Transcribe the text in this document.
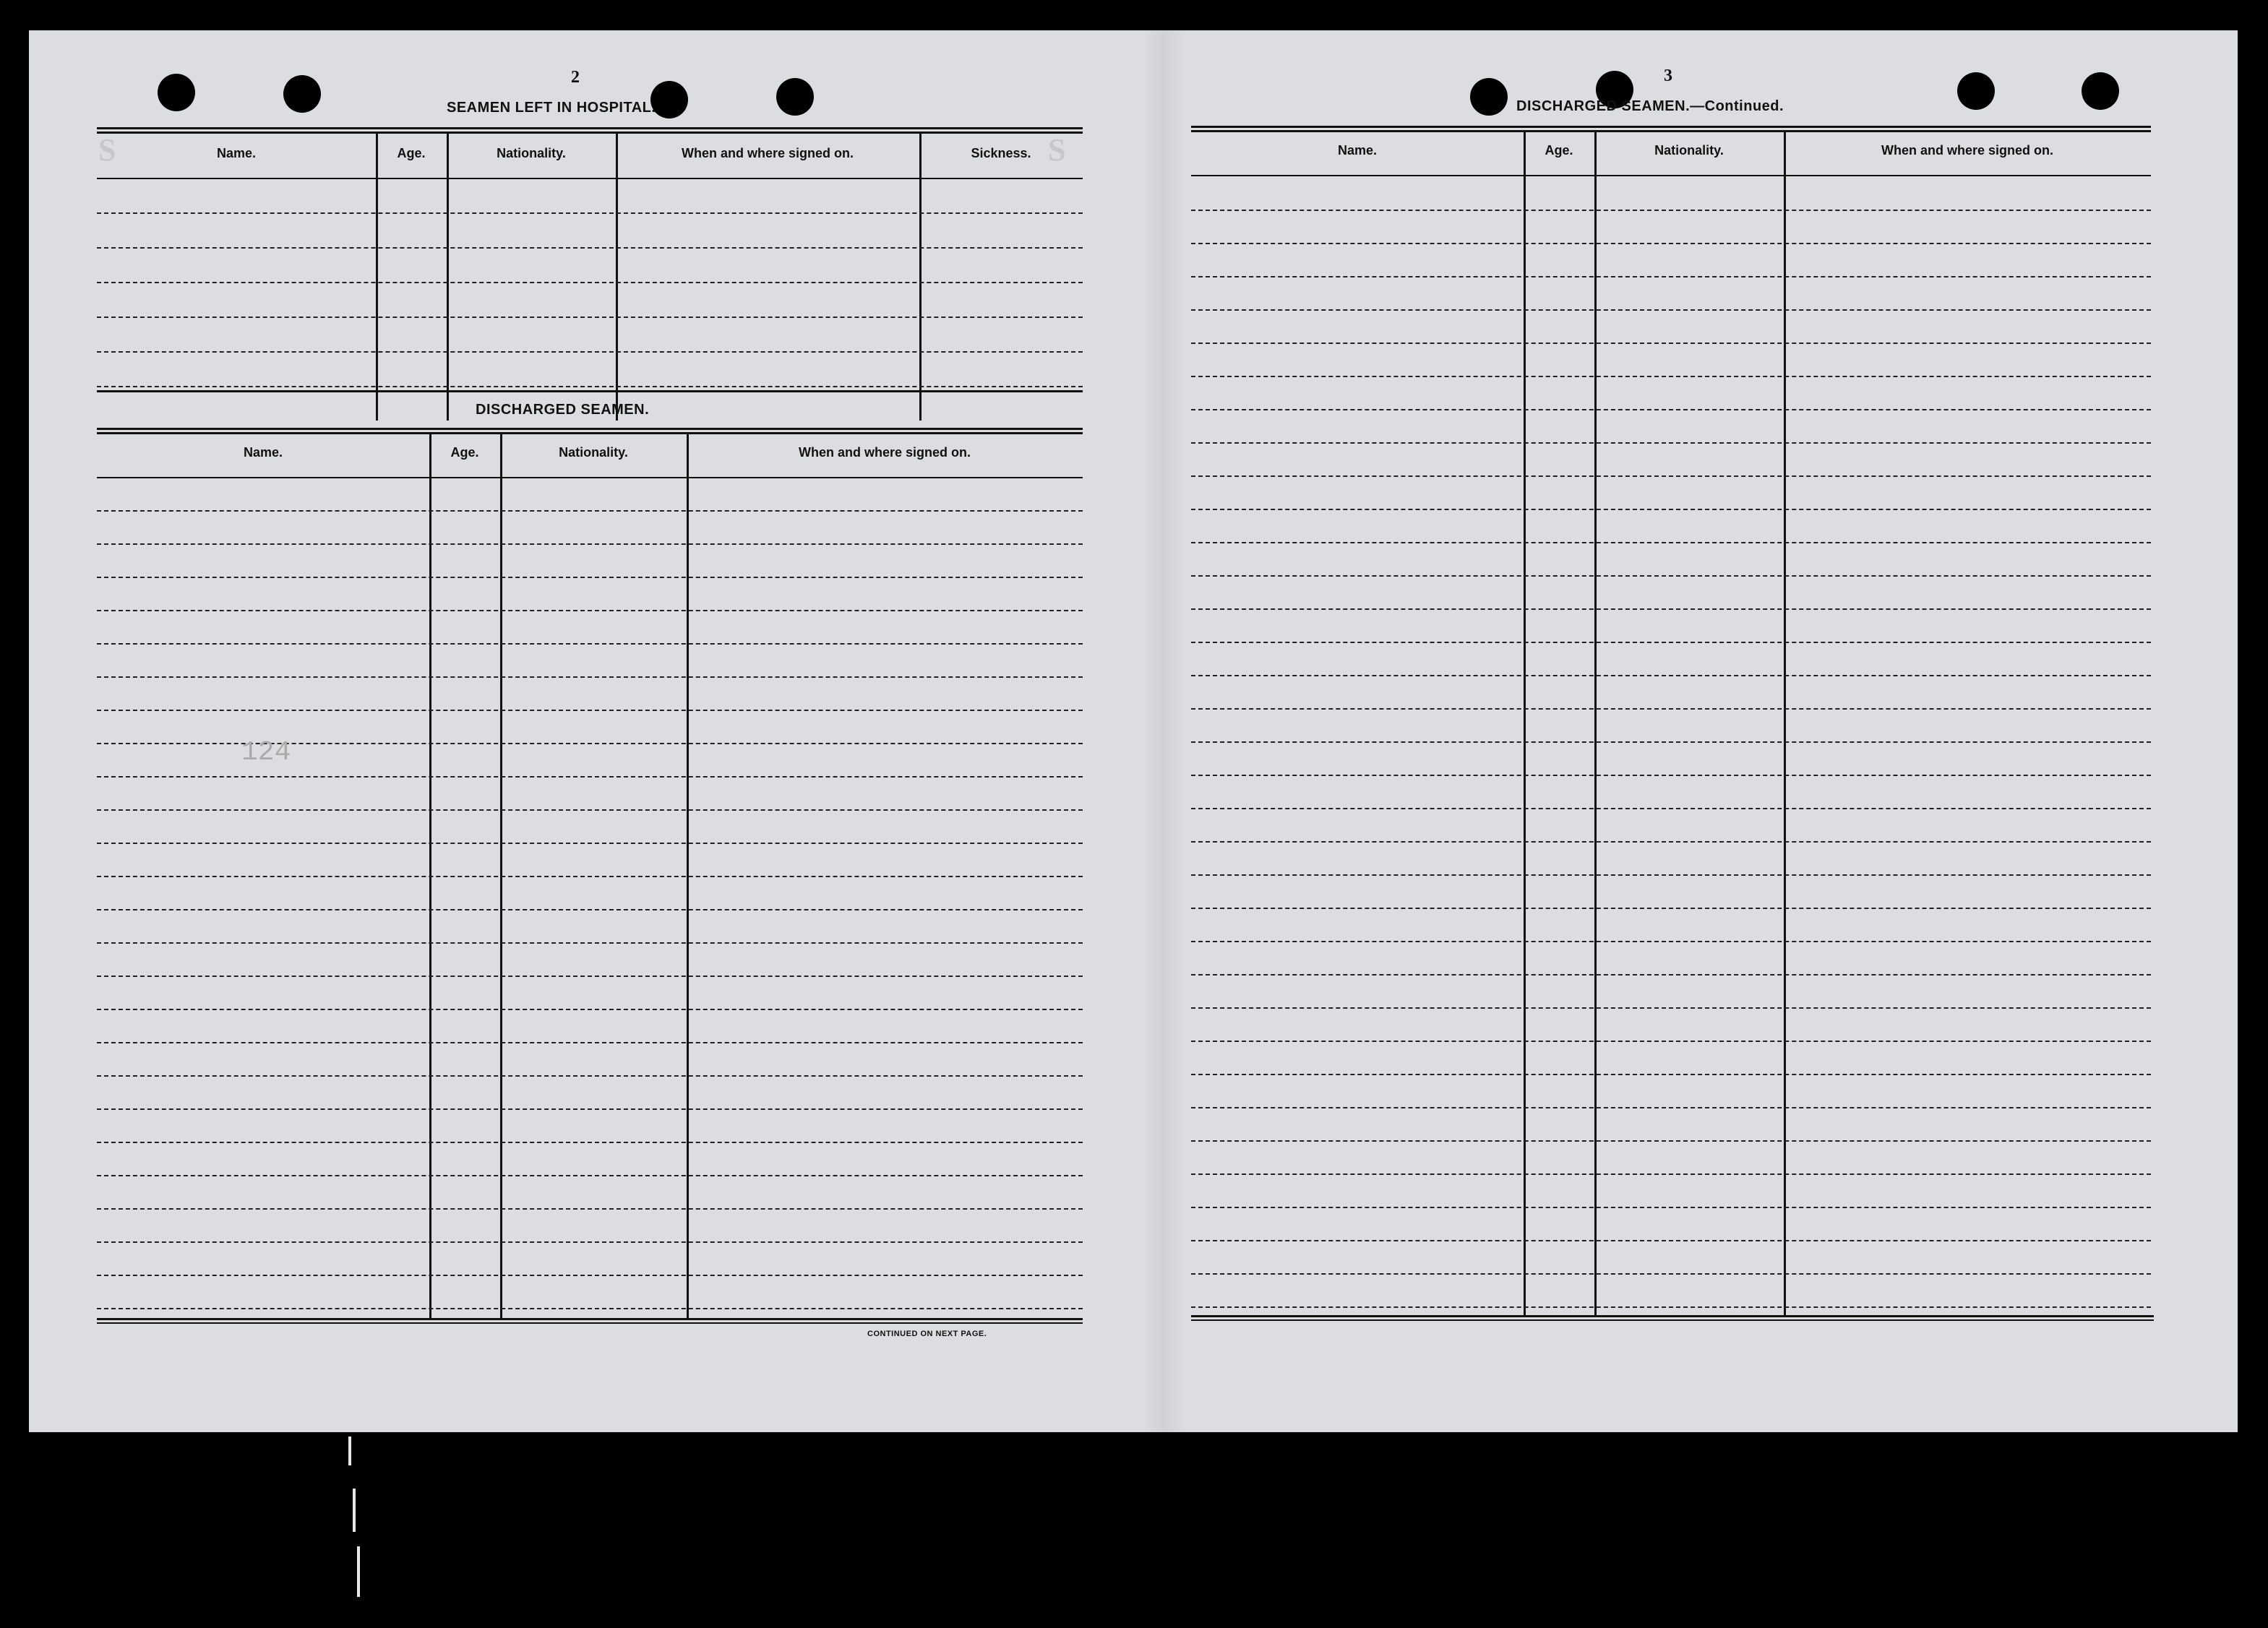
S	S
2
SEAMEN LEFT IN HOSPITAL.
Name.	Age.	Nationality.	When and where signed on.	Sickness.
DISCHARGED SEAMEN.
Name.	Age.	Nationality.	When and where signed on.
CONTINUED ON NEXT PAGE.
124
3
DISCHARGED SEAMEN.—Continued.
Name.	Age.	Nationality.	When and where signed on.
